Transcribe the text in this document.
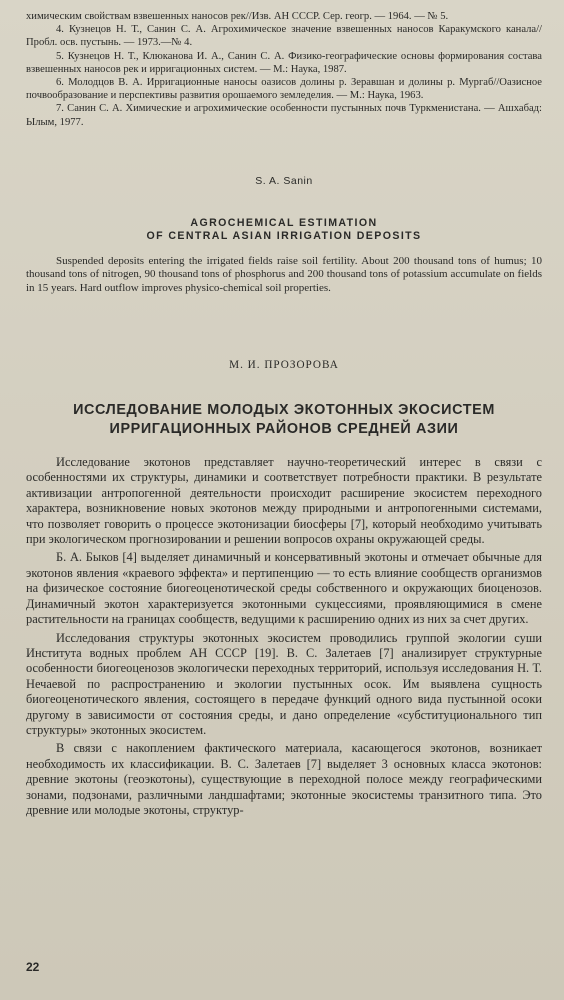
химическим свойствам взвешенных наносов рек//Изв. АН СССР. Сер. геогр. — 1964. — № 5.

4. Кузнецов Н. Т., Санин С. А. Агрохимическое значение взвешенных наносов Каракумского канала//Пробл. осв. пустынь. — 1973.—№ 4.

5. Кузнецов Н. Т., Клюканова И. А., Санин С. А. Физико-географические основы формирования состава взвешенных наносов рек и ирригационных систем. — М.: Наука, 1987.

6. Молодцов В. А. Ирригационные наносы оазисов долины р. Зеравшан и долины р. Мургаб//Оазисное почвообразование и перспективы развития орошаемого земледелия. — М.: Наука, 1963.

7. Санин С. А. Химические и агрохимические особенности пустынных почв Туркменистана. — Ашхабад: Ылым, 1977.

S. A. Sanin
AGROCHEMICAL ESTIMATION
OF CENTRAL ASIAN IRRIGATION DEPOSITS

Suspended deposits entering the irrigated fields raise soil fertility. About 200 thousand tons of humus; 10 thousand tons of nitrogen, 90 thousand tons of phosphorus and 200 thousand tons of potassium accumulate on fields in 15 years. Hard outflow improves physico-chemical soil properties.

М. И. ПРОЗОРОВА
ИССЛЕДОВАНИЕ МОЛОДЫХ ЭКОТОННЫХ ЭКОСИСТЕМ
ИРРИГАЦИОННЫХ РАЙОНОВ СРЕДНЕЙ АЗИИ

Исследование экотонов представляет научно-теоретический интерес в связи с особенностями их структуры, динамики и соответствует потребности практики. В результате активизации антропогенной деятельности происходит расширение экосистем переходного характера, возникновение новых экотонов между природными и антропогенными системами, что позволяет говорить о процессе экотонизации биосферы [7], который необходимо учитывать при экологическом прогнозировании и решении вопросов охраны окружающей среды.

Б. А. Быков [4] выделяет динамичный и консервативный экотоны и отмечает обычные для экотонов явления «краевого эффекта» и пертипенцию — то есть влияние сообществ организмов на физическое состояние биогеоценотической среды собственного и окружающих биоценозов. Динамичный экотон характеризуется экотонными сукцессиями, проявляющимися в смене растительности на границах сообществ, ведущими к расширению одних из них за счет других.

Исследования структуры экотонных экосистем проводились группой экологии суши Института водных проблем АН СССР [19]. В. С. Залетаев [7] анализирует структурные особенности биогеоценозов экологически переходных территорий, используя исследования Н. Т. Нечаевой по распространению и экологии пустынных осок. Им выявлена сущность биогеоценотического явления, состоящего в передаче функций одного вида пустынной осоки другому в зависимости от состояния среды, и дано определение «субституционального тип структуры» экотонных экосистем.

В связи с накоплением фактического материала, касающегося экотонов, возникает необходимость их классификации. В. С. Залетаев [7] выделяет 3 основных класса экотонов: древние экотоны (геоэкотоны), существующие в переходной полосе между географическими зонами, подзонами, различными ландшафтами; экотонные экосистемы транзитного типа. Это древние или молодые экотоны, структур-

22
